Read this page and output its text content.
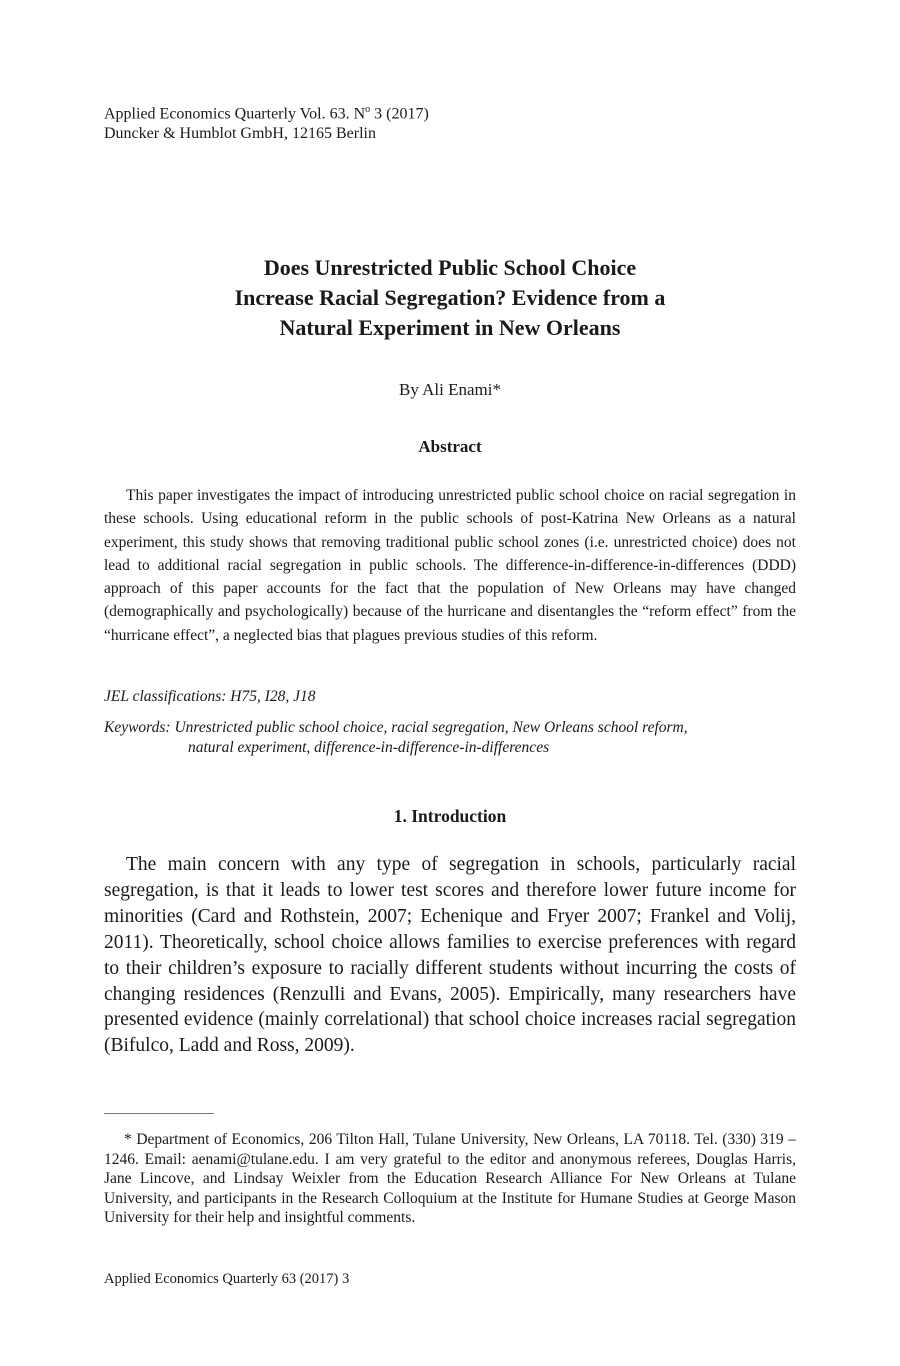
Applied Economics Quarterly Vol. 63. $N^o$ 3 (2017)
Duncker & Humblot GmbH, 12165 Berlin
Does Unrestricted Public School Choice
Increase Racial Segregation? Evidence from a
Natural Experiment in New Orleans
By Ali Enami*
Abstract

This paper investigates the impact of introducing unrestricted public school choice on racial segregation in these schools. Using educational reform in the public schools of post-Katrina New Orleans as a natural experiment, this study shows that removing traditional public school zones (i.e. unrestricted choice) does not lead to additional racial segregation in public schools. The difference-in-difference-in-differences (DDD) approach of this paper accounts for the fact that the population of New Orleans may have changed (demographically and psychologically) because of the hurricane and disentangles the “reform effect” from the “hurricane effect”, a neglected bias that plagues previous studies of this reform.

JEL classifications: H75, I28, J18
Keywords: Unrestricted public school choice, racial segregation, New Orleans school reform,
natural experiment, difference-in-difference-in-differences
1. Introduction

The main concern with any type of segregation in schools, particularly racial segregation, is that it leads to lower test scores and therefore lower future income for minorities (Card and Rothstein, 2007; Echenique and Fryer 2007; Frankel and Volij, 2011). Theoretically, school choice allows families to exercise preferences with regard to their children’s exposure to racially different students without incurring the costs of changing residences (Renzulli and Evans, 2005). Empirically, many researchers have presented evidence (mainly correlational) that school choice increases racial segregation (Bifulco, Ladd and Ross, 2009).

* Department of Economics, 206 Tilton Hall, Tulane University, New Orleans, LA 70118. Tel. (330) 319 – 1246. Email: aenami@tulane.edu. I am very grateful to the editor and anonymous referees, Douglas Harris, Jane Lincove, and Lindsay Weixler from the Education Research Alliance For New Orleans at Tulane University, and participants in the Research Colloquium at the Institute for Humane Studies at George Mason University for their help and insightful comments.

Applied Economics Quarterly 63 (2017) 3
